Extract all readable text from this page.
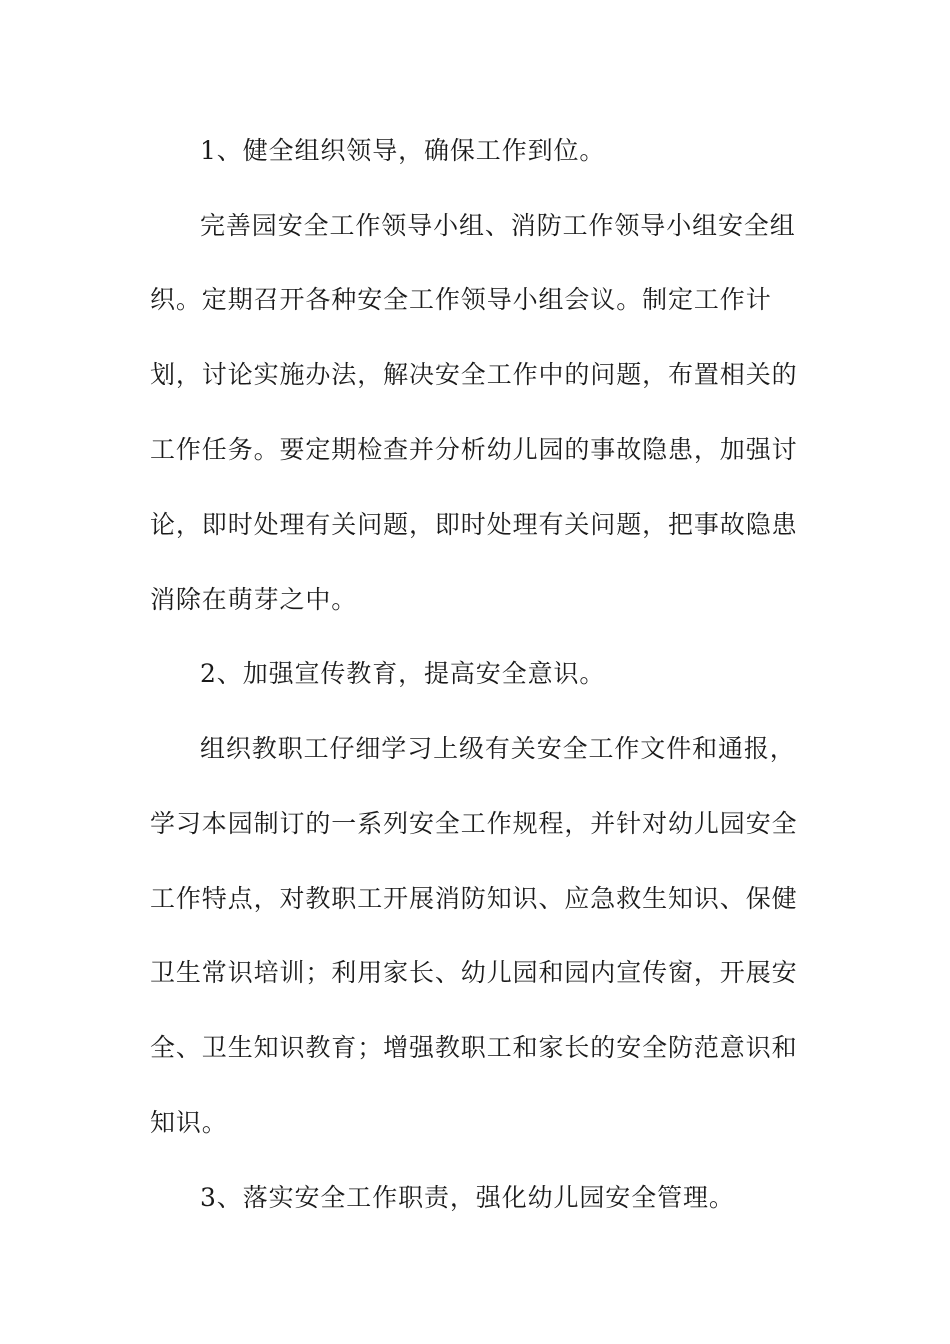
1、健全组织领导，确保工作到位。
完善园安全工作领导小组、消防工作领导小组安全组
织。定期召开各种安全工作领导小组会议。制定工作计
划，讨论实施办法，解决安全工作中的问题，布置相关的
工作任务。要定期检查并分析幼儿园的事故隐患，加强讨
论，即时处理有关问题，即时处理有关问题，把事故隐患
消除在萌芽之中。
2、加强宣传教育，提高安全意识。
组织教职工仔细学习上级有关安全工作文件和通报，
学习本园制订的一系列安全工作规程，并针对幼儿园安全
工作特点，对教职工开展消防知识、应急救生知识、保健
卫生常识培训；利用家长、幼儿园和园内宣传窗，开展安
全、卫生知识教育；增强教职工和家长的安全防范意识和
知识。
3、落实安全工作职责，强化幼儿园安全管理。
